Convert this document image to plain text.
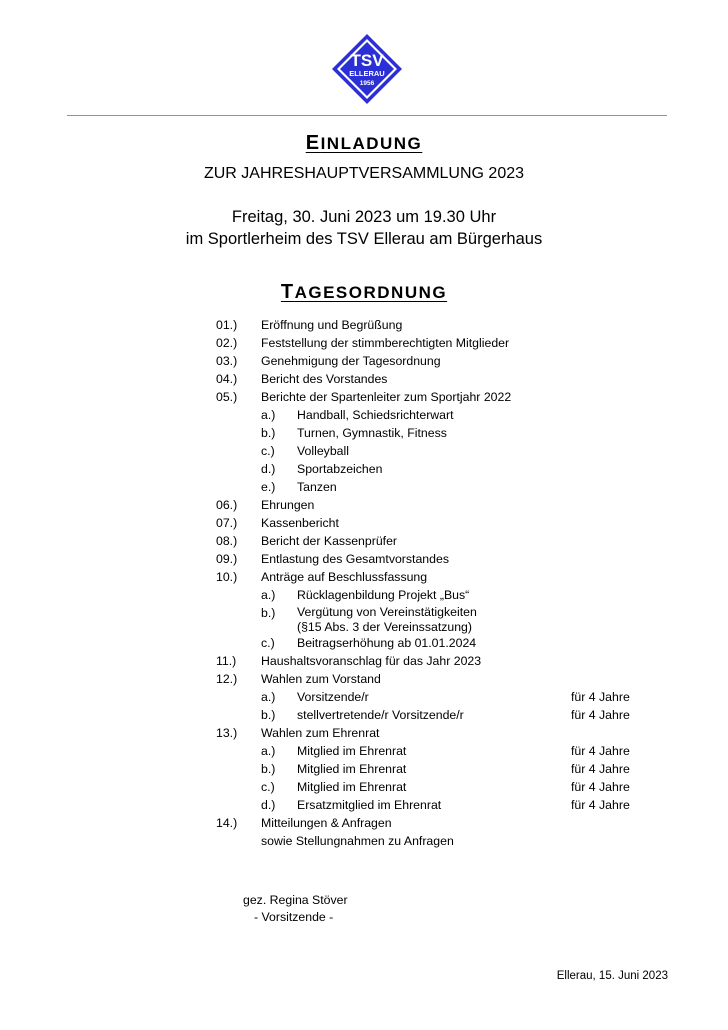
TSV
ELLERAU
1956
EINLADUNG
ZUR JAHRESHAUPTVERSAMMLUNG 2023
Freitag, 30. Juni 2023 um 19.30 Uhr
im Sportlerheim des TSV Ellerau am Bürgerhaus
TAGESORDNUNG
01.) Eröffnung und Begrüßung
02.) Feststellung der stimmberechtigten Mitglieder
03.) Genehmigung der Tagesordnung
04.) Bericht des Vorstandes
05.) Berichte der Spartenleiter zum Sportjahr 2022
a.) Handball, Schiedsrichterwart
b.) Turnen, Gymnastik, Fitness
c.) Volleyball
d.) Sportabzeichen
e.) Tanzen
06.) Ehrungen
07.) Kassenbericht
08.) Bericht der Kassenprüfer
09.) Entlastung des Gesamtvorstandes
10.) Anträge auf Beschlussfassung
a.) Rücklagenbildung Projekt „Bus“
b.) Vergütung von Vereinstätigkeiten
(§15 Abs. 3 der Vereinssatzung)
c.) Beitragserhöhung ab 01.01.2024
11.) Haushaltsvoranschlag für das Jahr 2023
12.) Wahlen zum Vorstand
a.) Vorsitzende/r	für 4 Jahre
b.) stellvertretende/r Vorsitzende/r	für 4 Jahre
13.) Wahlen zum Ehrenrat
a.) Mitglied im Ehrenrat	für 4 Jahre
b.) Mitglied im Ehrenrat	für 4 Jahre
c.) Mitglied im Ehrenrat	für 4 Jahre
d.) Ersatzmitglied im Ehrenrat	für 4 Jahre
14.) Mitteilungen & Anfragen
sowie Stellungnahmen zu Anfragen
gez. Regina Stöver
- Vorsitzende -
Ellerau, 15. Juni 2023
